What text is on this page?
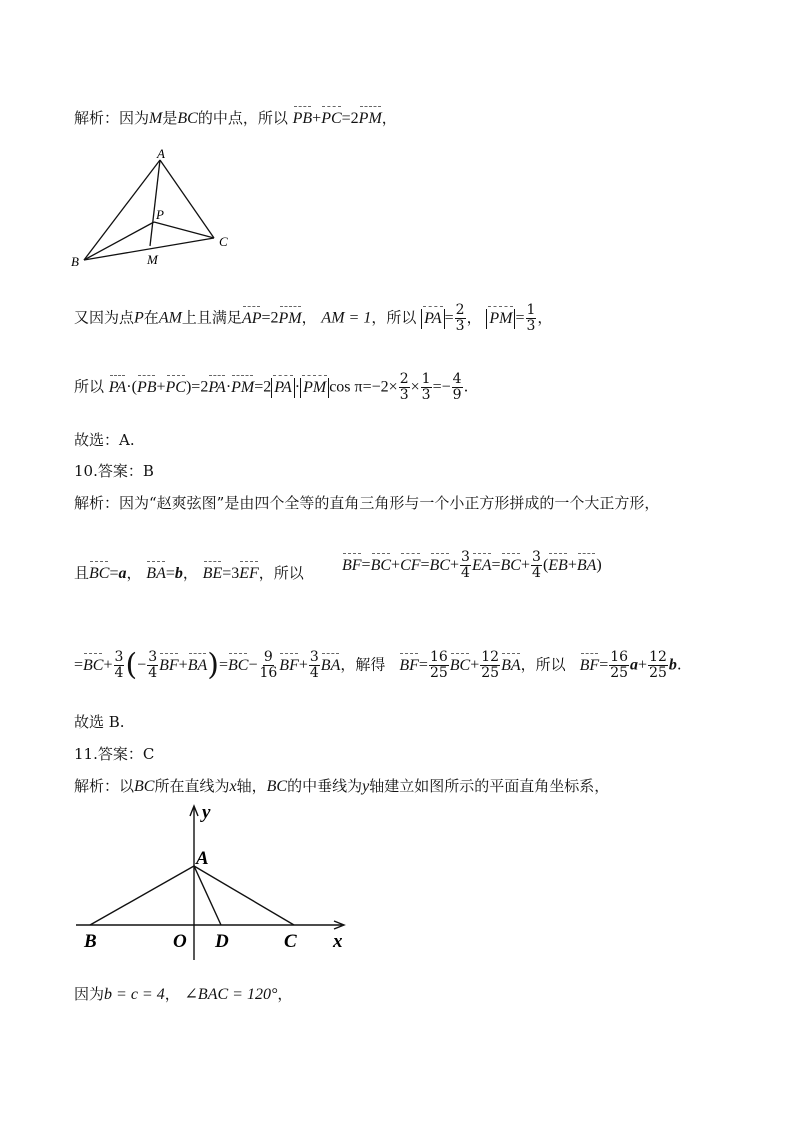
解析：因为M是BC的中点，所以 PB+PC=2PM，
A
B
C
P
M
又因为点P在AM上且满足AP=2PM， AM = 1，所以 PA = $\frac{2}{3}$ ， PM = $\frac{1}{3}$ ，
所以 PA·(PB+PC)=2PA·PM=2 PA · PM $\cos \pi=-2\times \frac{2}{3} \times \frac{1}{3} =- \frac{4}{9}$ .
故选：A.
10.答案：B
解析：因为“赵爽弦图”是由四个全等的直角三角形与一个小正方形拼成的一个大正方形，
且BC=a， BA=b， BE=3EF，所以 $BF=BC+CF=BC+ \frac{3}{4} EA=BC+ \frac{3}{4} (EB+BA)$
$=BC+ \frac{3}{4}$ (− $\frac{3}{4} BF+BA)=BC- \frac{9}{16} BF+ \frac{3}{4}$ BA，解得 $BF= \frac{16}{25} BC+ \frac{12}{25}$ BA，所以 $BF= \frac{16}{25} a+ \frac{12}{25} b$.
故选 B.
11.答案：C
解析：以BC所在直线为x轴，BC的中垂线为y轴建立如图所示的平面直角坐标系，
y
A
B	O D	C x
因为b = c = 4， ∠BAC = 120°，
